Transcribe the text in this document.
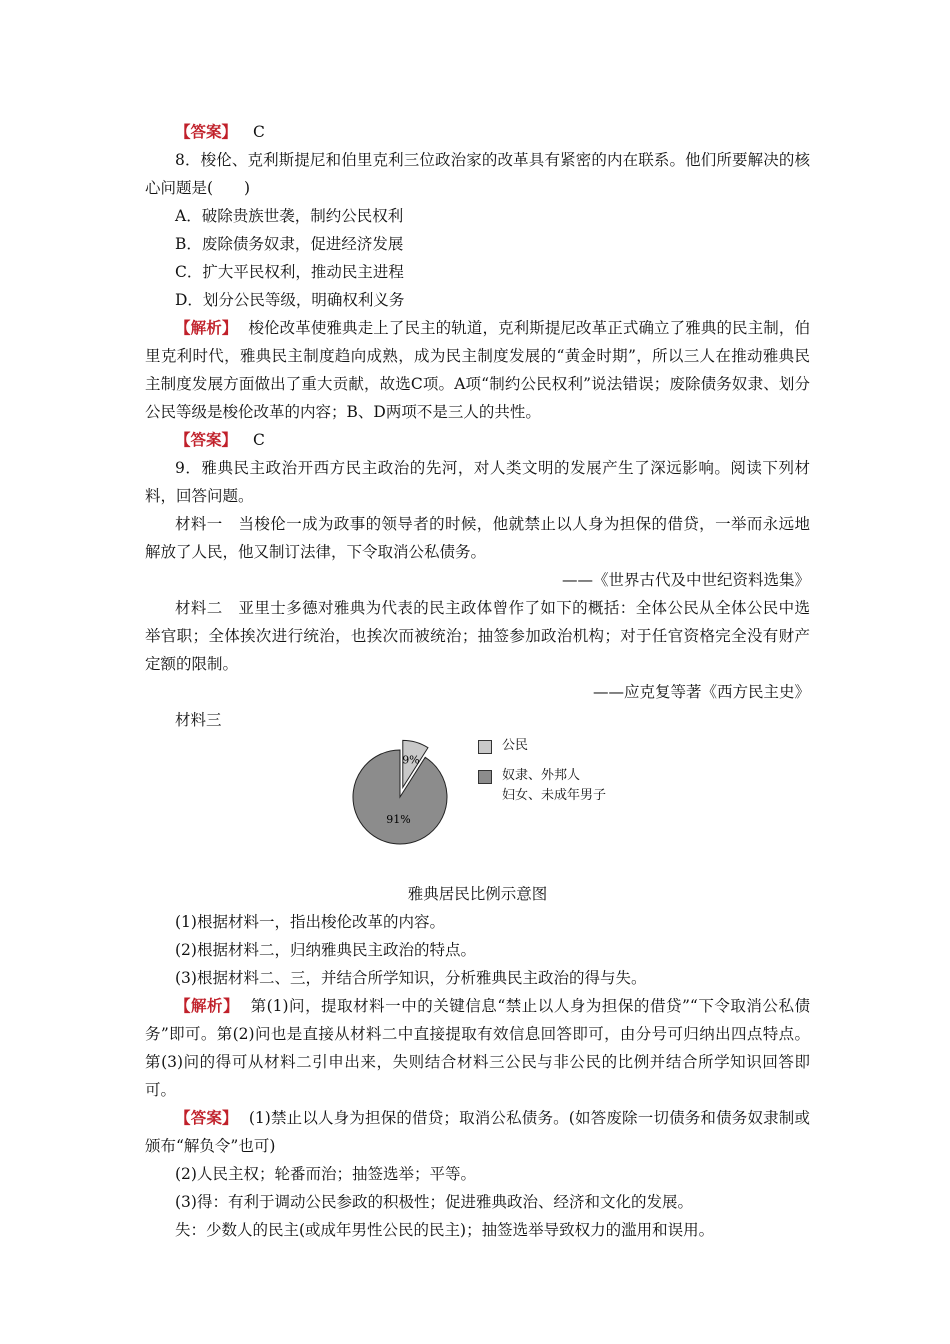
【答案】 C

8．梭伦、克利斯提尼和伯里克利三位政治家的改革具有紧密的内在联系。他们所要解决的核心问题是(　　)

A．破除贵族世袭，制约公民权利

B．废除债务奴隶，促进经济发展

C．扩大平民权利，推动民主进程

D．划分公民等级，明确权利义务

【解析】 梭伦改革使雅典走上了民主的轨道，克利斯提尼改革正式确立了雅典的民主制，伯里克利时代，雅典民主制度趋向成熟，成为民主制度发展的“黄金时期”，所以三人在推动雅典民主制度发展方面做出了重大贡献，故选C项。A项“制约公民权利”说法错误；废除债务奴隶、划分公民等级是梭伦改革的内容；B、D两项不是三人的共性。

【答案】 C

9．雅典民主政治开西方民主政治的先河，对人类文明的发展产生了深远影响。阅读下列材料，回答问题。

材料一　当梭伦一成为政事的领导者的时候，他就禁止以人身为担保的借贷，一举而永远地解放了人民，他又制订法律，下令取消公私债务。

——《世界古代及中世纪资料选集》

材料二　亚里士多德对雅典为代表的民主政体曾作了如下的概括：全体公民从全体公民中选举官职；全体挨次进行统治，也挨次而被统治；抽签参加政治机构；对于任官资格完全没有财产定额的限制。

——应克复等著《西方民主史》

材料三

9%
91%
公民
奴隶、外邦人
妇女、未成年男子

雅典居民比例示意图

(1)根据材料一，指出梭伦改革的内容。

(2)根据材料二，归纳雅典民主政治的特点。

(3)根据材料二、三，并结合所学知识，分析雅典民主政治的得与失。

【解析】 第(1)问，提取材料一中的关键信息“禁止以人身为担保的借贷”“下令取消公私债务”即可。第(2)问也是直接从材料二中直接提取有效信息回答即可，由分号可归纳出四点特点。第(3)问的得可从材料二引申出来，失则结合材料三公民与非公民的比例并结合所学知识回答即可。

【答案】 (1)禁止以人身为担保的借贷；取消公私债务。(如答废除一切债务和债务奴隶制或颁布“解负令”也可)

(2)人民主权；轮番而治；抽签选举；平等。

(3)得：有利于调动公民参政的积极性；促进雅典政治、经济和文化的发展。

失：少数人的民主(或成年男性公民的民主)；抽签选举导致权力的滥用和误用。
